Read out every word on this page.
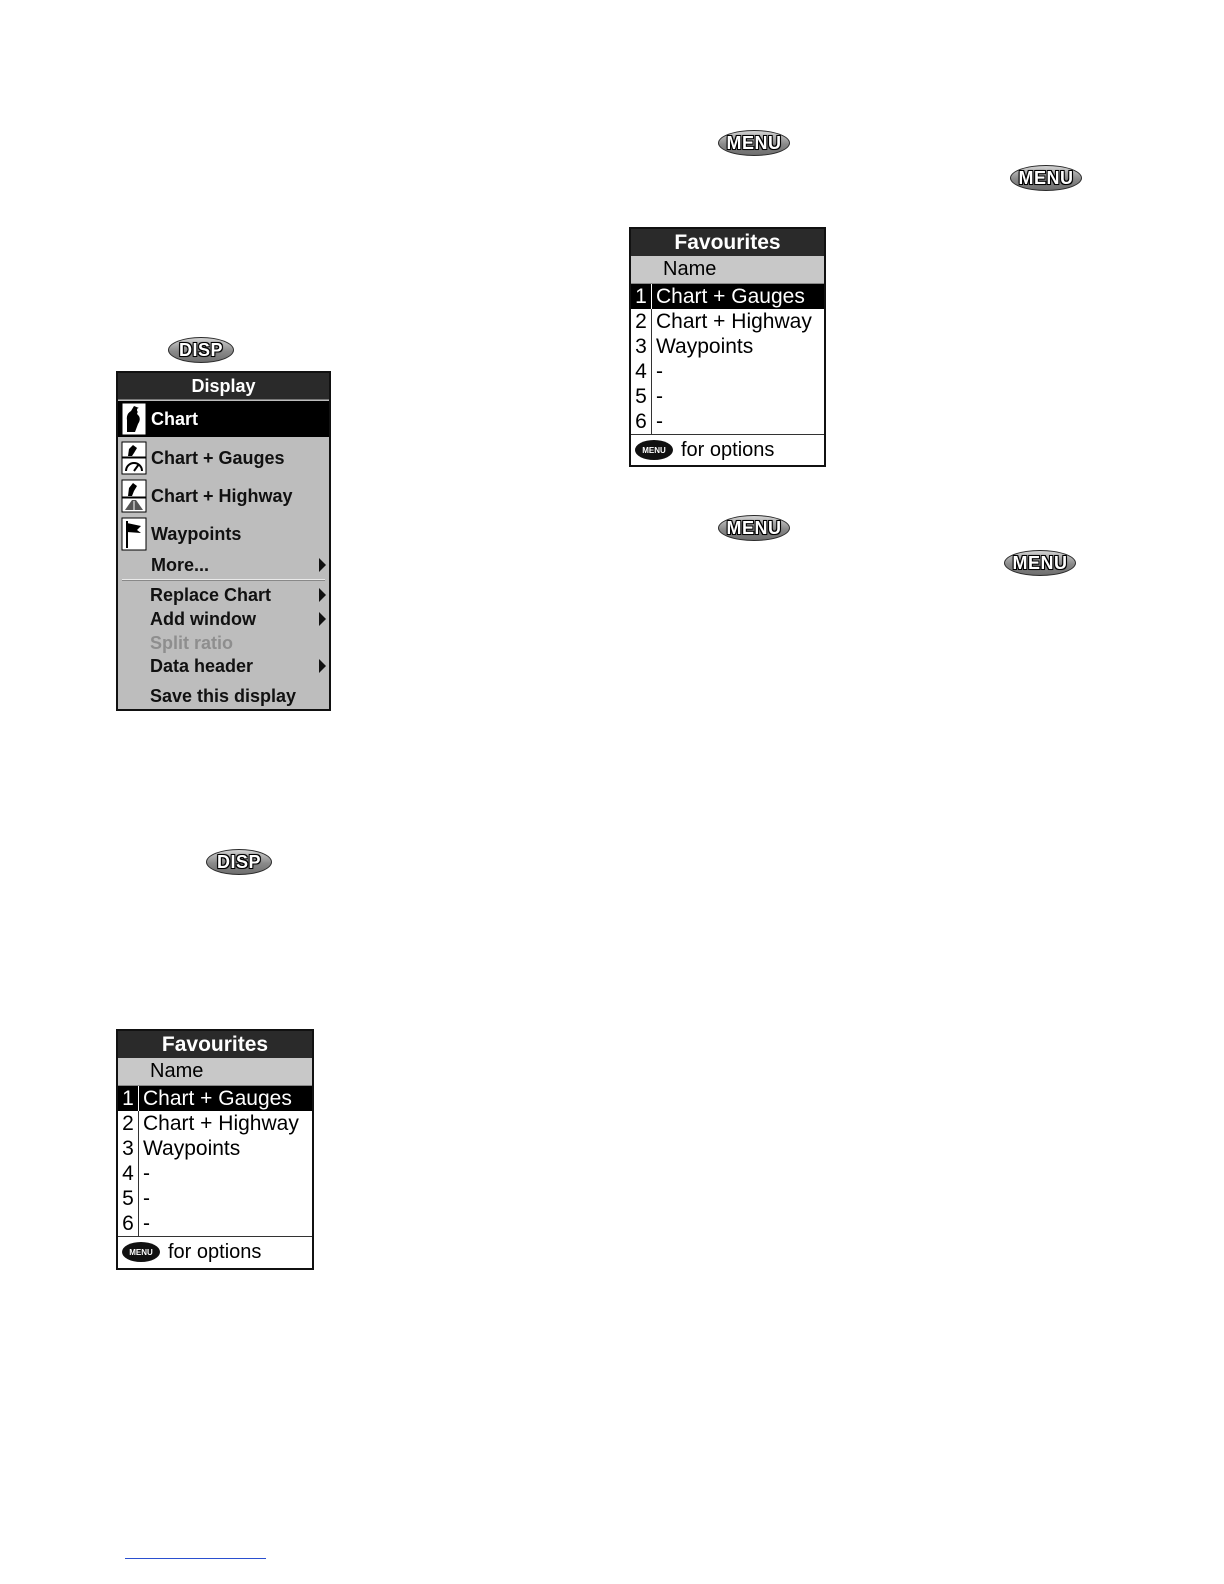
MENU
MENU
MENU
MENU
DISP
DISP
Display
Chart
Chart + Gauges
Chart + Highway
Waypoints
More...
Replace Chart
Add window
Split ratio
Data header
Save this display
Favourites
Name
1 Chart + Gauges
2 Chart + Highway
3 Waypoints
4 -
5 -
6 -
MENU for options
Favourites
Name
1 Chart + Gauges
2 Chart + Highway
3 Waypoints
4 -
5 -
6 -
MENU for options
